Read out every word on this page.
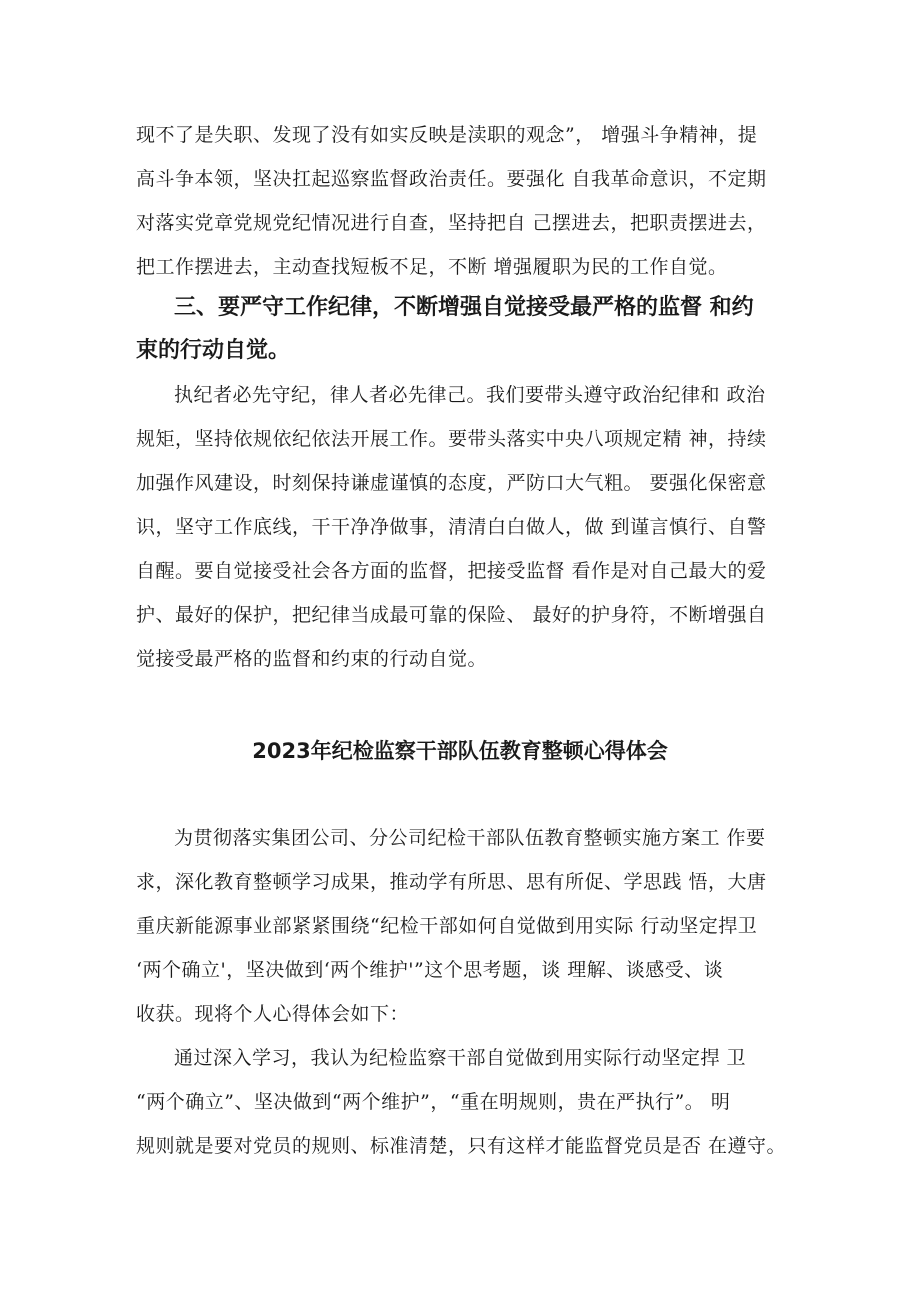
现不了是失职、发现了没有如实反映是渎职的观念”， 增强斗争精神，提
高斗争本领，坚决扛起巡察监督政治责任。要强化 自我革命意识，不定期
对落实党章党规党纪情况进行自查，坚持把自 己摆进去，把职责摆进去，
把工作摆进去，主动查找短板不足，不断 增强履职为民的工作自觉。
三、要严守工作纪律，不断增强自觉接受最严格的监督 和约
束的行动自觉。
执纪者必先守纪，律人者必先律己。我们要带头遵守政治纪律和 政治
规矩，坚持依规依纪依法开展工作。要带头落实中央八项规定精 神，持续
加强作风建设，时刻保持谦虚谨慎的态度，严防口大气粗。 要强化保密意
识，坚守工作底线，干干净净做事，清清白白做人，做 到谨言慎行、自警
自醒。要自觉接受社会各方面的监督，把接受监督 看作是对自己最大的爱
护、最好的保护，把纪律当成最可靠的保险、 最好的护身符，不断增强自
觉接受最严格的监督和约束的行动自觉。
2023年纪检监察干部队伍教育整顿心得体会
为贯彻落实集团公司、分公司纪检干部队伍教育整顿实施方案工 作要
求，深化教育整顿学习成果，推动学有所思、思有所促、学思践 悟，大唐
重庆新能源事业部紧紧围绕“纪检干部如何自觉做到用实际 行动坚定捍卫
‘两个确立'，坚决做到‘两个维护'”这个思考题，谈 理解、谈感受、谈
收获。现将个人心得体会如下：
通过深入学习，我认为纪检监察干部自觉做到用实际行动坚定捍 卫
“两个确立”、坚决做到“两个维护”，“重在明规则，贵在严执行”。 明
规则就是要对党员的规则、标准清楚，只有这样才能监督党员是否 在遵守。
